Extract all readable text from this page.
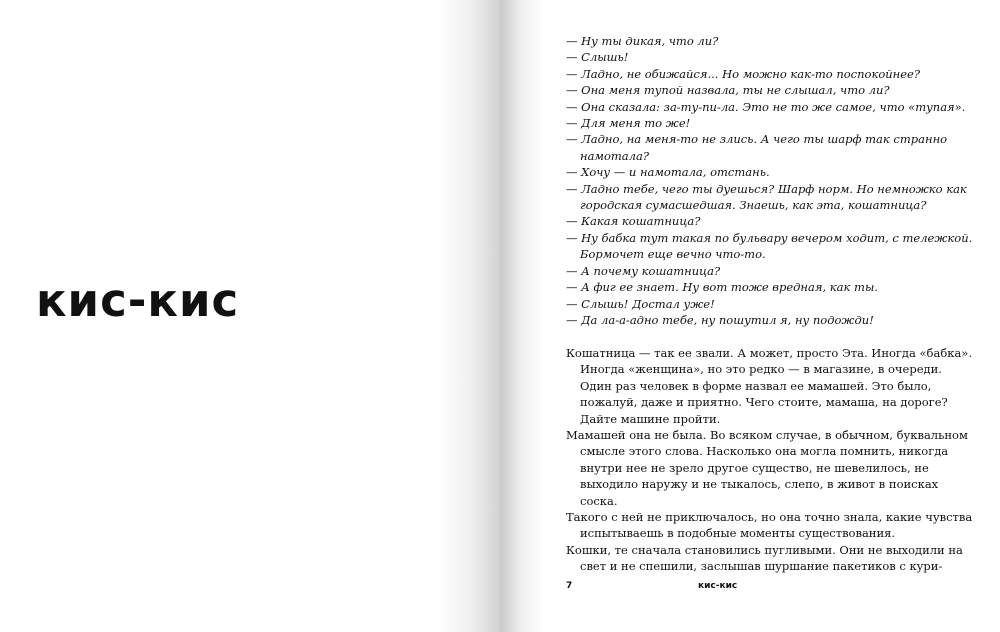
кис-кис
— Ну ты дикая, что ли?
— Слышь!
— Ладно, не обижайся... Но можно как-то поспокойнее?
— Она меня тупой назвала, ты не слышал, что ли?
— Она сказала: за-ту-пи-ла. Это не то же самое, что «тупая».
— Для меня то же!
— Ладно, на меня-то не злись. А чего ты шарф так странно намотала?
— Хочу — и намотала, отстань.
— Ладно тебе, чего ты дуешься? Шарф норм. Но немножко как городская сумасшедшая. Знаешь, как эта, кошатница?
— Какая кошатница?
— Ну бабка тут такая по бульвару вечером ходит, с тележкой. Бормочет еще вечно что-то.
— А почему кошатница?
— А фиг ее знает. Ну вот тоже вредная, как ты.
— Слышь! Достал уже!
— Да ла-а-адно тебе, ну пошутил я, ну подожди!

Кошатница — так ее звали. А может, просто Эта. Иногда «бабка». Иногда «женщина», но это редко — в магазине, в очереди. Один раз человек в форме назвал ее мамашей. Это было, пожалуй, даже и приятно. Чего стоите, мамаша, на дороге? Дайте машине пройти.

Мамашей она не была. Во всяком случае, в обычном, буквальном смысле этого слова. Насколько она могла помнить, никогда внутри нее не зрело другое существо, не шевелилось, не выходило наружу и не тыкалось, слепо, в живот в поисках соска.

Такого с ней не приключалось, но она точно знала, какие чувства испытываешь в подобные моменты существования.

Кошки, те сначала становились пугливыми. Они не выходили на свет и не спешили, заслышав шуршание пакетиков с кури-

7	кис-кис
